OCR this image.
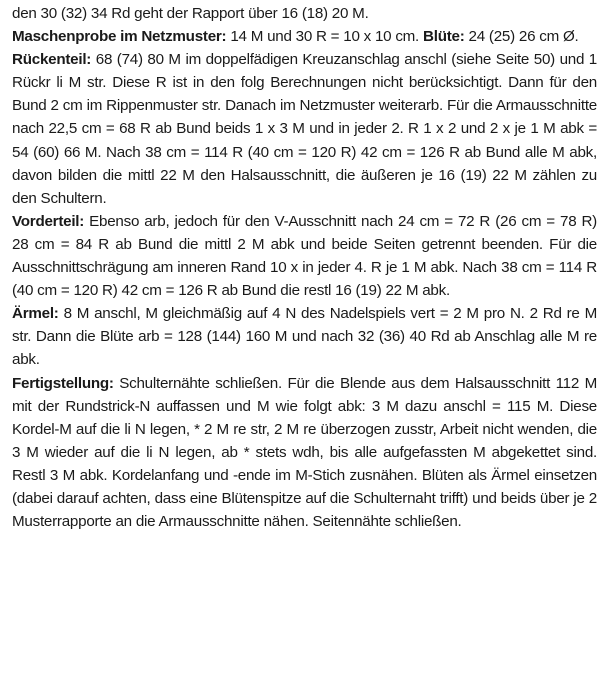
den 30 (32) 34 Rd geht der Rapport über 16 (18) 20 M.

Maschenprobe im Netzmuster: 14 M und 30 R = 10 x 10 cm. Blüte: 24 (25) 26 cm Ø.

Rückenteil: 68 (74) 80 M im doppelfädigen Kreuzanschlag anschl (siehe Seite 50) und 1 Rückr li M str. Diese R ist in den folg Berechnungen nicht berücksichtigt. Dann für den Bund 2 cm im Rippenmuster str. Danach im Netzmuster weiterarb. Für die Armausschnitte nach 22,5 cm = 68 R ab Bund beids 1 x 3 M und in jeder 2. R 1 x 2 und 2 x je 1 M abk = 54 (60) 66 M. Nach 38 cm = 114 R (40 cm = 120 R) 42 cm = 126 R ab Bund alle M abk, davon bilden die mittl 22 M den Halsausschnitt, die äußeren je 16 (19) 22 M zählen zu den Schultern.

Vorderteil: Ebenso arb, jedoch für den V-Ausschnitt nach 24 cm = 72 R (26 cm = 78 R) 28 cm = 84 R ab Bund die mittl 2 M abk und beide Seiten getrennt beenden. Für die Ausschnittschrägung am inneren Rand 10 x in jeder 4. R je 1 M abk. Nach 38 cm = 114 R (40 cm = 120 R) 42 cm = 126 R ab Bund die restl 16 (19) 22 M abk.

Ärmel: 8 M anschl, M gleichmäßig auf 4 N des Nadelspiels vert = 2 M pro N. 2 Rd re M str. Dann die Blüte arb = 128 (144) 160 M und nach 32 (36) 40 Rd ab Anschlag alle M re abk.

Fertigstellung: Schulternähte schließen. Für die Blende aus dem Halsausschnitt 112 M mit der Rundstrick-N auffassen und M wie folgt abk: 3 M dazu anschl = 115 M. Diese Kordel-M auf die li N legen, * 2 M re str, 2 M re überzogen zusstr, Arbeit nicht wenden, die 3 M wieder auf die li N legen, ab * stets wdh, bis alle aufgefassten M abgekettet sind. Restl 3 M abk. Kordelanfang und -ende im M-Stich zusnähen. Blüten als Ärmel einsetzen (dabei darauf achten, dass eine Blütenspitze auf die Schulternaht trifft) und beids über je 2 Musterrapporte an die Armausschnitte nähen. Seitennähte schließen.
